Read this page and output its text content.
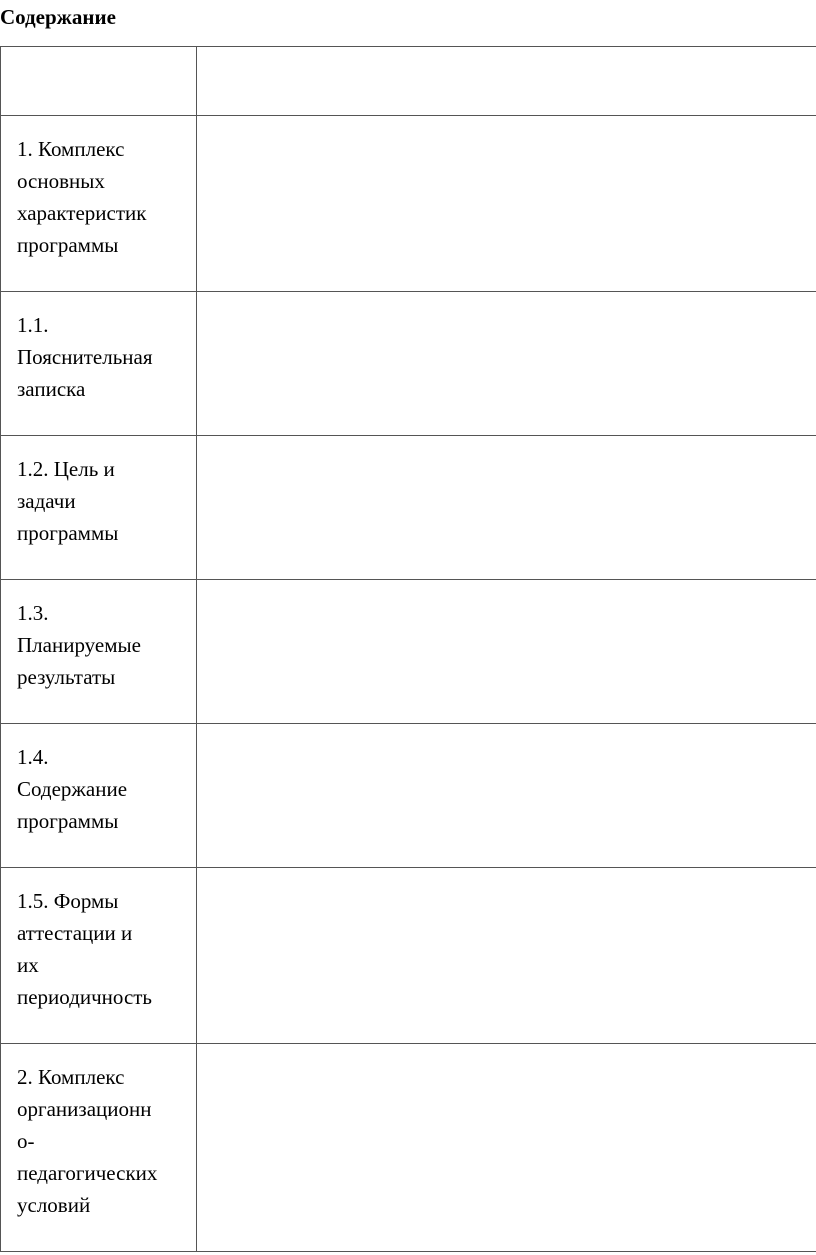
Содержание

1. Комплекс
основных
характеристик
программы	

1.1.
Пояснительная
записка	

1.2. Цель и
задачи
программы	

1.3.
Планируемые
результаты	

1.4.
Содержание
программы	

1.5. Формы
аттестации и
их
периодичность	

2. Комплекс
организационн
о-
педагогических
условий	
